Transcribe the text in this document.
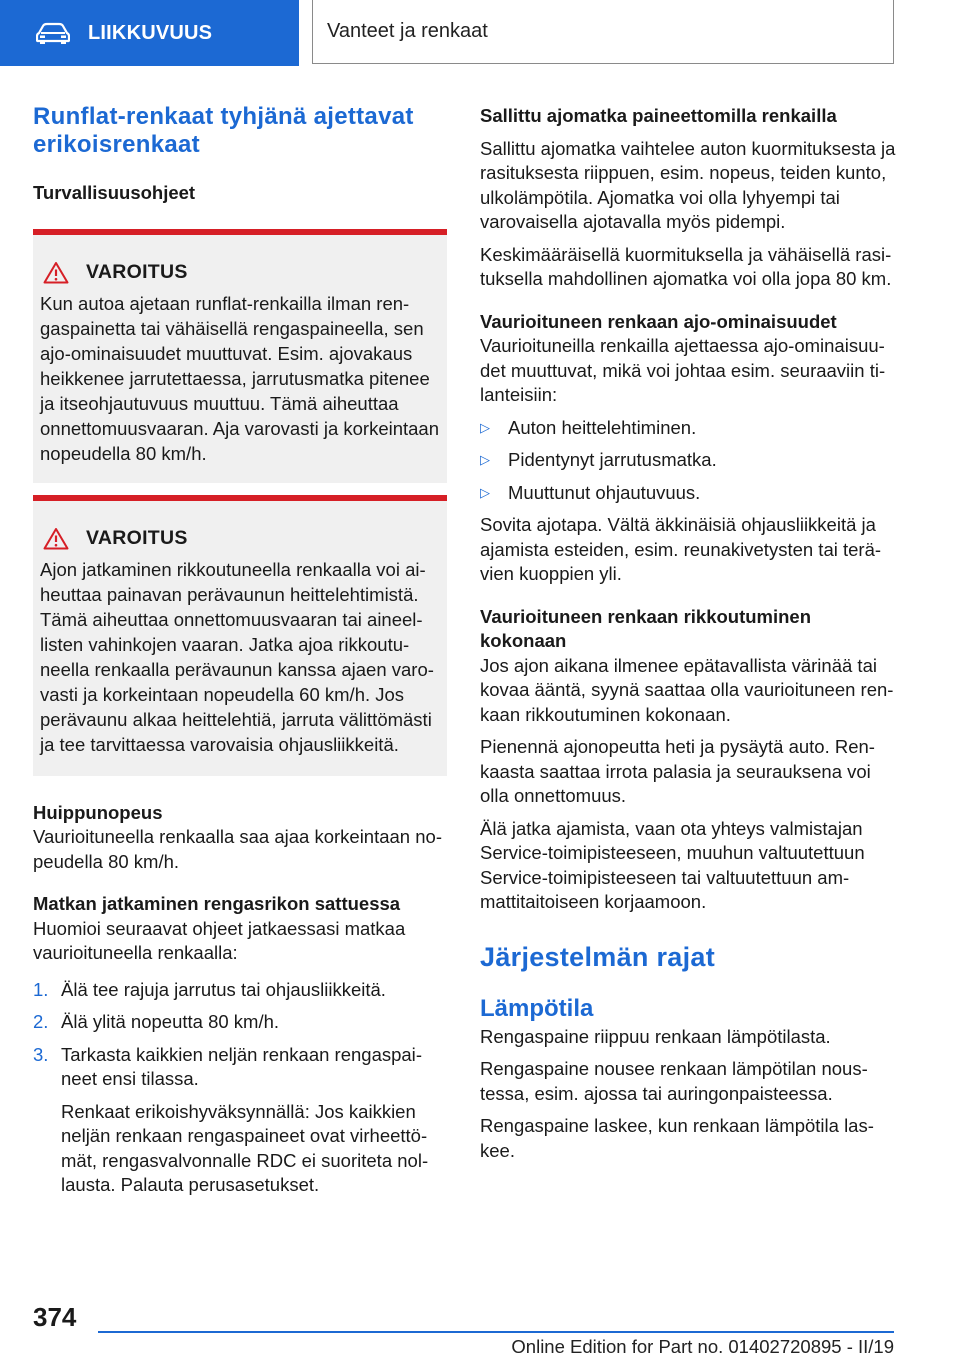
LIIKKUVUUS	Vanteet ja renkaat
Runflat-renkaat tyhjänä ajettavat erikoisrenkaat
Turvallisuusohjeet
VAROITUS

Kun autoa ajetaan runflat-renkailla ilman rengaspainetta tai vähäisellä rengaspaineella, sen ajo-ominaisuudet muuttuvat. Esim. ajovakaus heikkenee jarrutettaessa, jarrutusmatka pitenee ja itseohjautuvuus muuttuu. Tämä aiheuttaa onnettomuusvaaran. Aja varovasti ja korkeintaan nopeudella 80 km/h.

VAROITUS

Ajon jatkaminen rikkoutuneella renkaalla voi aiheuttaa painavan perävaunun heittelehtimistä. Tämä aiheuttaa onnettomuusvaaran tai aineellisten vahinkojen vaaran. Jatka ajoa rikkoutuneella renkaalla perävaunun kanssa ajaen varovasti ja korkeintaan nopeudella 60 km/h. Jos perävaunu alkaa heittelehtiä, jarruta välittömästi ja tee tarvittaessa varovaisia ohjausliikkeitä.

Huippunopeus

Vaurioituneella renkaalla saa ajaa korkeintaan nopeudella 80 km/h.

Matkan jatkaminen rengasrikon sattuessa

Huomioi seuraavat ohjeet jatkaessasi matkaa vaurioituneella renkaalla:

1. Älä tee rajuja jarrutus tai ohjausliikkeitä.
2. Älä ylitä nopeutta 80 km/h.
3. Tarkasta kaikkien neljän renkaan rengaspaineet ensi tilassa.

Renkaat erikoishyväksynnällä: Jos kaikkien neljän renkaan rengaspaineet ovat virheettömät, rengasvalvonnalle RDC ei suoriteta nollausta. Palauta perusasetukset.

Sallittu ajomatka paineettomilla renkailla

Sallittu ajomatka vaihtelee auton kuormituksesta ja rasituksesta riippuen, esim. nopeus, teiden kunto, ulkolämpötila. Ajomatka voi olla lyhyempi tai varovaisella ajotavalla myös pidempi.

Keskimääräisellä kuormituksella ja vähäisellä rasituksella mahdollinen ajomatka voi olla jopa 80 km.

Vaurioituneen renkaan ajo-ominaisuudet

Vaurioituneilla renkailla ajettaessa ajo-ominaisuudet muuttuvat, mikä voi johtaa esim. seuraaviin tilanteisiin:

▷ Auton heittelehtiminen.
▷ Pidentynyt jarrutusmatka.
▷ Muuttunut ohjautuvuus.

Sovita ajotapa. Vältä äkkinäisiä ohjausliikkeitä ja ajamista esteiden, esim. reunakivetysten tai terävien kuoppien yli.

Vaurioituneen renkaan rikkoutuminen kokonaan

Jos ajon aikana ilmenee epätavallista värinää tai kovaa ääntä, syynä saattaa olla vaurioituneen renkaan rikkoutuminen kokonaan.

Pienennä ajonopeutta heti ja pysäytä auto. Renkaasta saattaa irrota palasia ja seurauksena voi olla onnettomuus.

Älä jatka ajamista, vaan ota yhteys valmistajan Service-toimipisteeseen, muuhun valtuutettuun Service-toimipisteeseen tai valtuutettuun ammattitaitoiseen korjaamoon.

Järjestelmän rajat
Lämpötila

Rengaspaine riippuu renkaan lämpötilasta.

Rengaspaine nousee renkaan lämpötilan noustessa, esim. ajossa tai auringonpaisteessa.

Rengaspaine laskee, kun renkaan lämpötila laskee.

374
Online Edition for Part no. 01402720895 - II/19
